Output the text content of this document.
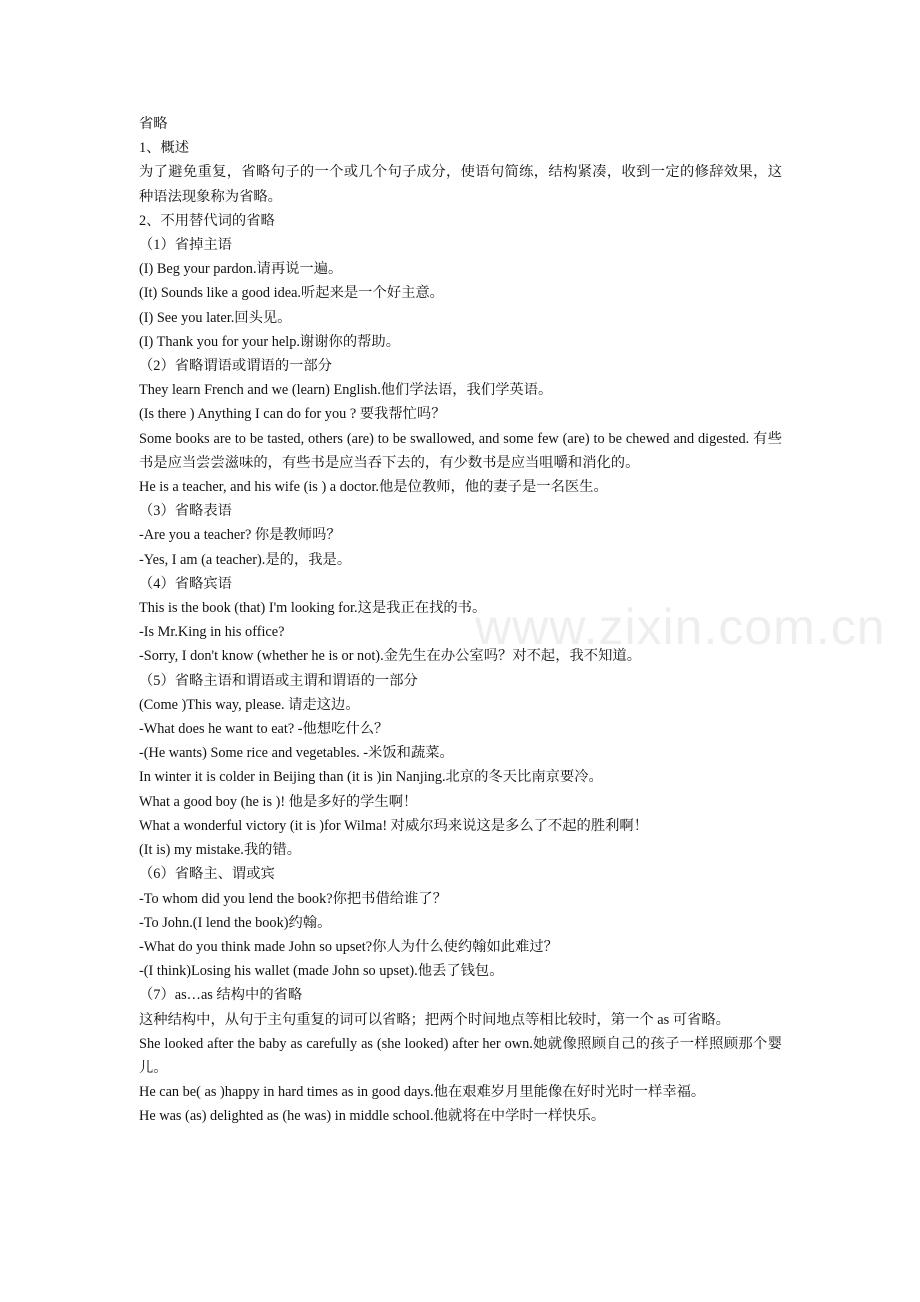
省略
1、概述
为了避免重复，省略句子的一个或几个句子成分，使语句简练，结构紧凑，收到一定的修辞效果，这种语法现象称为省略。
2、不用替代词的省略
（1）省掉主语
(I) Beg your pardon.请再说一遍。
(It) Sounds like a good idea.听起来是一个好主意。
(I) See you later.回头见。
(I) Thank you for your help.谢谢你的帮助。
（2）省略谓语或谓语的一部分
They learn French and we (learn) English.他们学法语，我们学英语。
(Is there ) Anything I can do for you ? 要我帮忙吗？
Some books are to be tasted, others (are) to be swallowed, and some few (are) to be chewed and digested. 有些书是应当尝尝滋味的，有些书是应当吞下去的，有少数书是应当咀嚼和消化的。
He is a teacher, and his wife (is ) a doctor.他是位教师，他的妻子是一名医生。
（3）省略表语
-Are you a teacher? 你是教师吗？
-Yes, I am (a teacher).是的，我是。
（4）省略宾语
This is the book (that) I'm looking for.这是我正在找的书。
-Is Mr.King in his office?
-Sorry, I don't know (whether he is or not).金先生在办公室吗？对不起，我不知道。
（5）省略主语和谓语或主谓和谓语的一部分
(Come )This way, please. 请走这边。
-What does he want to eat? -他想吃什么？
-(He wants) Some rice and vegetables. -米饭和蔬菜。
In winter it is colder in Beijing than (it is )in Nanjing.北京的冬天比南京要冷。
What a good boy (he is )! 他是多好的学生啊！
What a wonderful victory (it is )for Wilma! 对威尔玛来说这是多么了不起的胜利啊！
(It is) my mistake.我的错。
（6）省略主、谓或宾
-To whom did you lend the book?你把书借给谁了？
-To John.(I lend the book)约翰。
-What do you think made John so upset?你人为什么使约翰如此难过？
-(I think)Losing his wallet (made John so upset).他丢了钱包。
（7）as…as 结构中的省略
这种结构中，从句于主句重复的词可以省略；把两个时间地点等相比较时，第一个 as 可省略。
She looked after the baby as carefully as (she looked) after her own.她就像照顾自己的孩子一样照顾那个婴儿。
He can be( as )happy in hard times as in good days.他在艰难岁月里能像在好时光时一样幸福。
He was (as) delighted as (he was) in middle school.他就将在中学时一样快乐。
www.zixin.com.cn
